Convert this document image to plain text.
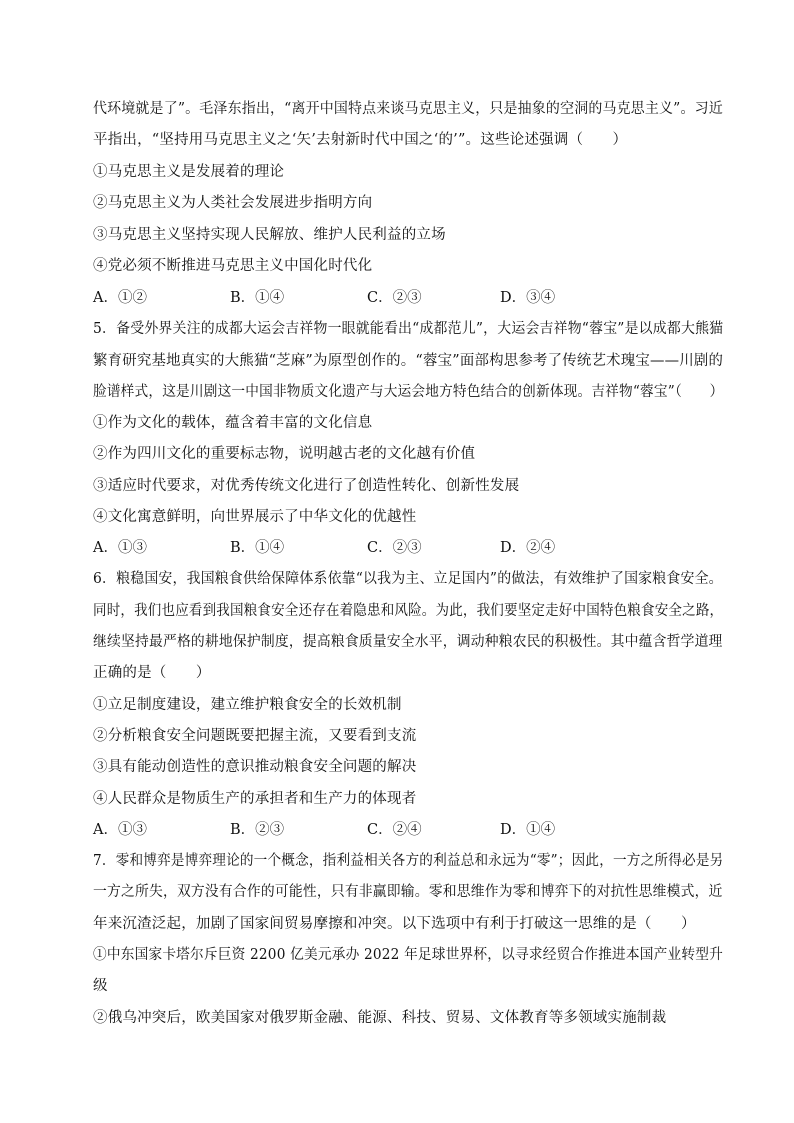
代环境就是了”。毛泽东指出，“离开中国特点来谈马克思主义，只是抽象的空洞的马克思主义”。习近
平指出，“坚持用马克思主义之‘矢’去射新时代中国之‘的’”。这些论述强调（　　）
①马克思主义是发展着的理论
②马克思主义为人类社会发展进步指明方向
③马克思主义坚持实现人民解放、维护人民利益的立场
④党必须不断推进马克思主义中国化时代化
A．①②	B．①④	C．②③	D．③④
5．备受外界关注的成都大运会吉祥物一眼就能看出“成都范儿”，大运会吉祥物“蓉宝”是以成都大熊猫
繁育研究基地真实的大熊猫“芝麻”为原型创作的。“蓉宝”面部构思参考了传统艺术瑰宝——川剧的
脸谱样式，这是川剧这一中国非物质文化遗产与大运会地方特色结合的创新体现。吉祥物“蓉宝”（　　）
①作为文化的载体，蕴含着丰富的文化信息
②作为四川文化的重要标志物，说明越古老的文化越有价值
③适应时代要求，对优秀传统文化进行了创造性转化、创新性发展
④文化寓意鲜明，向世界展示了中华文化的优越性
A．①③	B．①④	C．②③	D．②④
6．粮稳国安，我国粮食供给保障体系依靠“以我为主、立足国内”的做法，有效维护了国家粮食安全。
同时，我们也应看到我国粮食安全还存在着隐患和风险。为此，我们要坚定走好中国特色粮食安全之路，
继续坚持最严格的耕地保护制度，提高粮食质量安全水平，调动种粮农民的积极性。其中蕴含哲学道理
正确的是（　　）
①立足制度建设，建立维护粮食安全的长效机制
②分析粮食安全问题既要把握主流，又要看到支流
③具有能动创造性的意识推动粮食安全问题的解决
④人民群众是物质生产的承担者和生产力的体现者
A．①③	B．②③	C．②④	D．①④
7．零和博弈是博弈理论的一个概念，指利益相关各方的利益总和永远为“零”；因此，一方之所得必是另
一方之所失，双方没有合作的可能性，只有非赢即输。零和思维作为零和博弈下的对抗性思维模式，近
年来沉渣泛起，加剧了国家间贸易摩擦和冲突。以下选项中有利于打破这一思维的是（　　）
①中东国家卡塔尔斥巨资 2200 亿美元承办 2022 年足球世界杯，以寻求经贸合作推进本国产业转型升
级
②俄乌冲突后，欧美国家对俄罗斯金融、能源、科技、贸易、文体教育等多领域实施制裁
